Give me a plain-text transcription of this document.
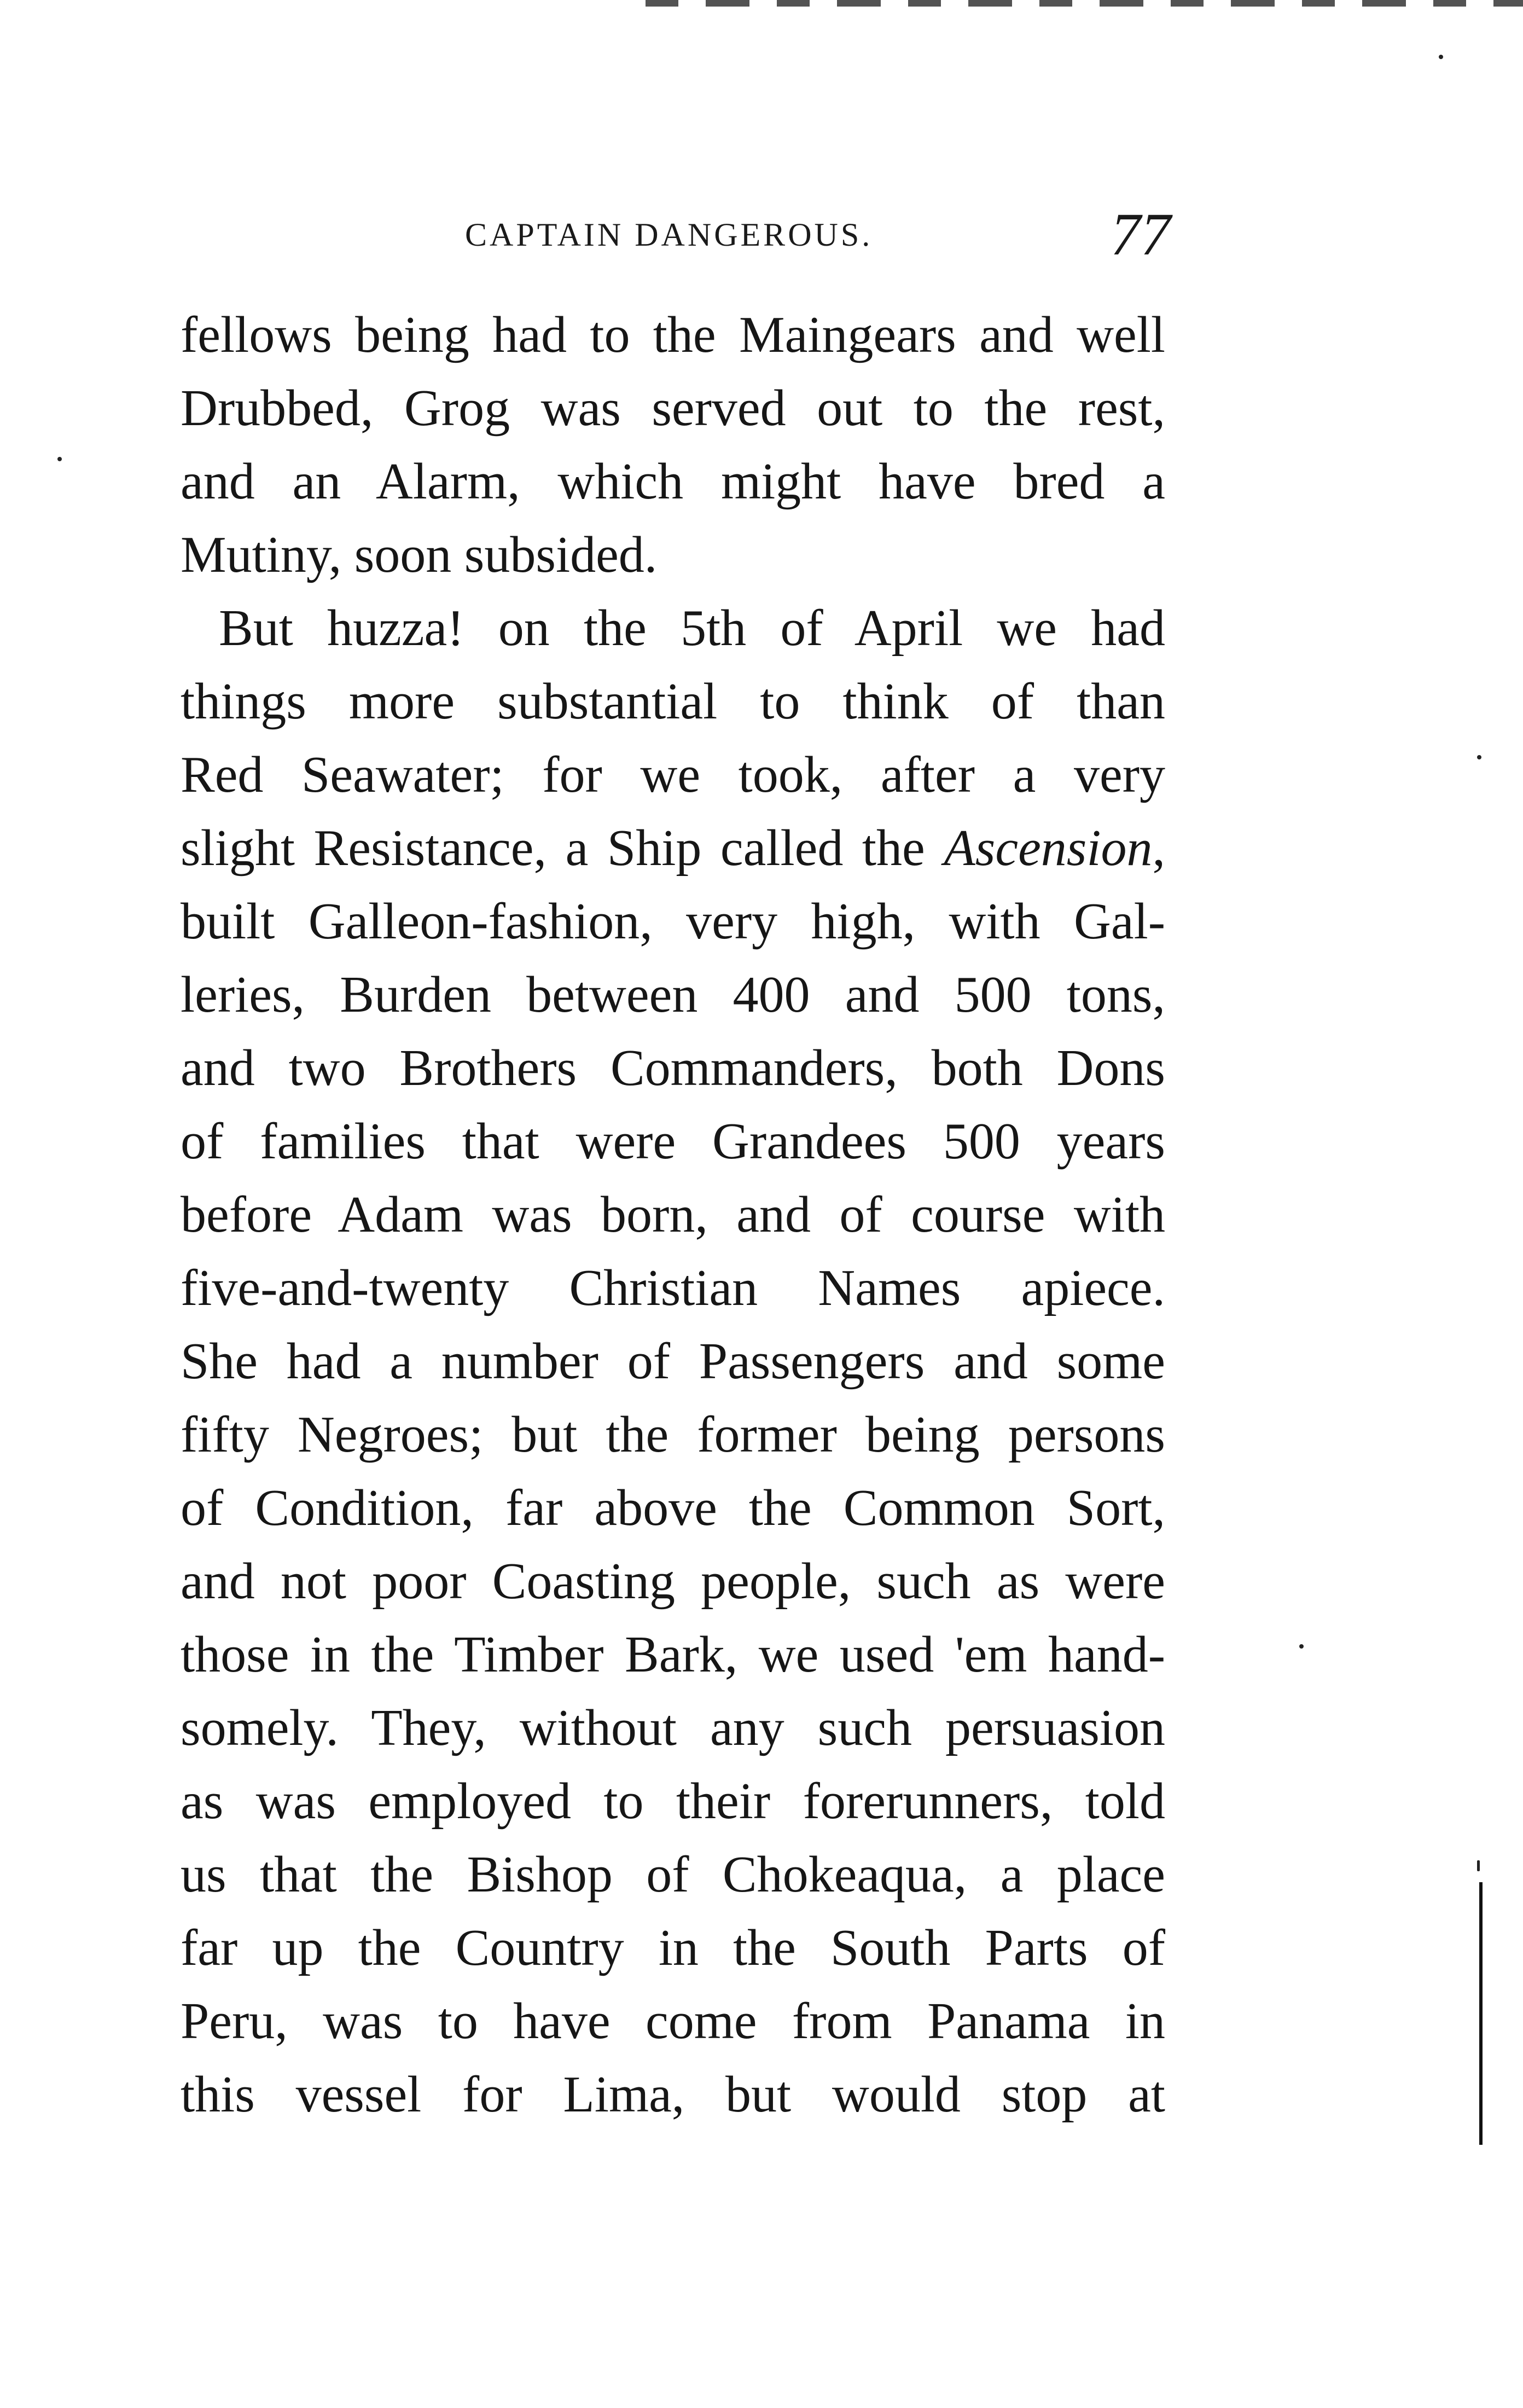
CAPTAIN DANGEROUS.	77
fellows being had to the Maingears and well
Drubbed, Grog was served out to the rest,
and an Alarm, which might have bred a
Mutiny, soon subsided.
But huzza! on the 5th of April we had
things more substantial to think of than
Red Seawater; for we took, after a very
slight Resistance, a Ship called the Ascension,
built Galleon-fashion, very high, with Gal-
leries, Burden between 400 and 500 tons,
and two Brothers Commanders, both Dons
of families that were Grandees 500 years
before Adam was born, and of course with
five-and-twenty Christian Names apiece.
She had a number of Passengers and some
fifty Negroes; but the former being persons
of Condition, far above the Common Sort,
and not poor Coasting people, such as were
those in the Timber Bark, we used 'em hand-
somely. They, without any such persuasion
as was employed to their forerunners, told
us that the Bishop of Chokeaqua, a place
far up the Country in the South Parts of
Peru, was to have come from Panama in
this vessel for Lima, but would stop at
